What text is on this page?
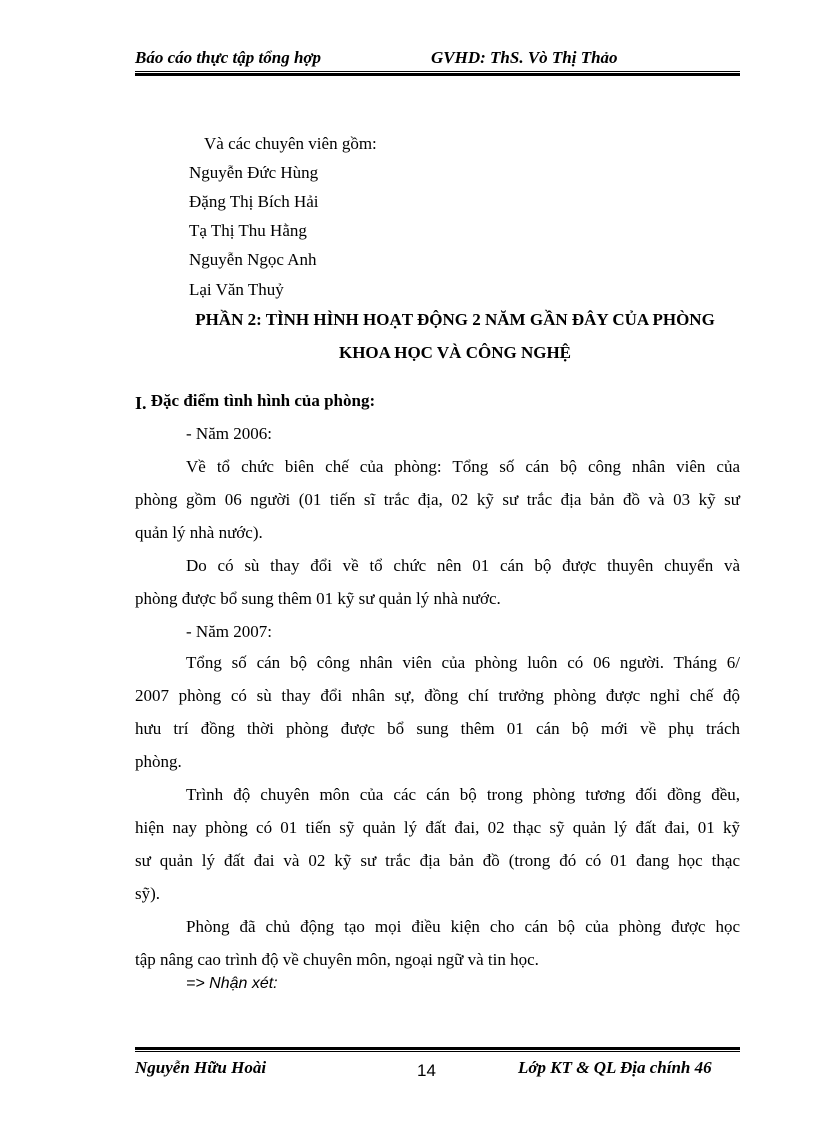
Báo cáo thực tập tổng hợp	GVHD: ThS. Vò Thị Thảo
Và các chuyên viên gồm:
Nguyễn Đức Hùng
Đặng Thị Bích Hải
Tạ Thị Thu Hằng
Nguyễn Ngọc Anh
Lại Văn Thuỷ
PHẦN 2: TÌNH HÌNH HOẠT ĐỘNG 2 NĂM GẦN ĐÂY CỦA PHÒNG
KHOA HỌC VÀ CÔNG NGHỆ
I. Đặc điểm tình hình của phòng:
- Năm 2006:
Về tổ chức biên chế của phòng: Tổng số cán bộ công nhân viên của
phòng gồm 06 người (01 tiến sĩ trắc địa, 02 kỹ sư trắc địa bản đồ và 03 kỹ sư
quản lý nhà nước).
Do có sù thay đổi về tổ chức nên 01 cán bộ được thuyên chuyển và
phòng được bổ sung thêm 01 kỹ sư quản lý nhà nước.
- Năm 2007:
Tổng số cán bộ công nhân viên của phòng luôn có 06 người. Tháng 6/
2007 phòng có sù thay đổi nhân sự, đồng chí trưởng phòng được nghỉ chế độ
hưu trí đồng thời phòng được bổ sung thêm 01 cán bộ mới về phụ trách
phòng.
Trình độ chuyên môn của các cán bộ trong phòng tương đối đồng đều,
hiện nay phòng có 01 tiến sỹ quản lý đất đai, 02 thạc sỹ quản lý đất đai, 01 kỹ
sư quản lý đất đai và 02 kỹ sư trắc địa bản đồ (trong đó có 01 đang học thạc
sỹ).
Phòng đã chủ động tạo mọi điều kiện cho cán bộ của phòng được học
tập nâng cao trình độ về chuyên môn, ngoại ngữ và tin học.
=> Nhận xét:
Nguyễn Hữu Hoài	14	Lớp KT & QL Địa chính 46
